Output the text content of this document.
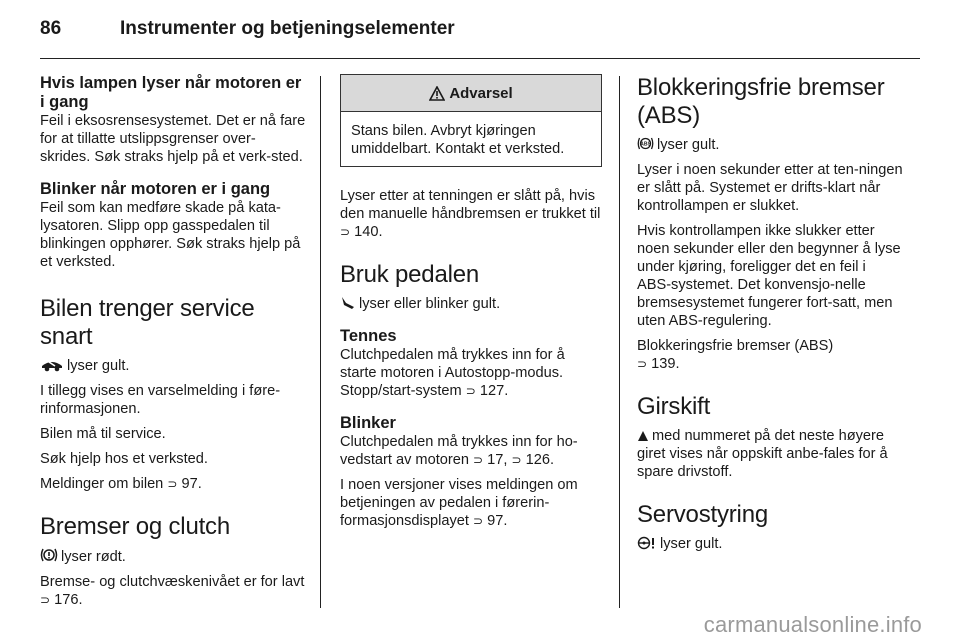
86	Instrumenter og betjeningselementer
Hvis lampen lyser når motoren er i gang

Feil i eksosrensesystemet. Det er nå fare for at tillatte utslippsgrenser over-skrides. Søk straks hjelp på et verk-sted.

Blinker når motoren er i gang

Feil som kan medføre skade på kata-lysatoren. Slipp opp gasspedalen til blinkingen opphører. Søk straks hjelp på et verksted.

Bilen trenger service snart

lyser gult.

I tillegg vises en varselmelding i føre-rinformasjonen.

Bilen må til service.

Søk hjelp hos et verksted.

Meldinger om bilen ⊃ 97.

Bremser og clutch

lyser rødt.

Bremse- og clutchvæskenivået er for lavt ⊃ 176.

Advarsel

Stans bilen. Avbryt kjøringen umiddelbart. Kontakt et verksted.

Lyser etter at tenningen er slått på, hvis den manuelle håndbremsen er trukket til ⊃ 140.

Bruk pedalen

lyser eller blinker gult.

Tennes

Clutchpedalen må trykkes inn for å starte motoren i Autostopp-modus. Stopp/start-system ⊃ 127.

Blinker

Clutchpedalen må trykkes inn for ho-vedstart av motoren ⊃ 17, ⊃ 126.

I noen versjoner vises meldingen om betjeningen av pedalen i førerin-formasjonsdisplayet ⊃ 97.

Blokkeringsfrie bremser (ABS)

ABS lyser gult.

Lyser i noen sekunder etter at ten-ningen er slått på. Systemet er drifts-klart når kontrollampen er slukket.

Hvis kontrollampen ikke slukker etter noen sekunder eller den begynner å lyse under kjøring, foreligger det en feil i ABS-systemet. Det konvensjo-nelle bremsesystemet fungerer fort-satt, men uten ABS-regulering.

Blokkeringsfrie bremser (ABS)
⊃ 139.

Girskift

med nummeret på det neste høyere giret vises når oppskift anbe-fales for å spare drivstoff.

Servostyring

lyser gult.

carmanualsonline.info
